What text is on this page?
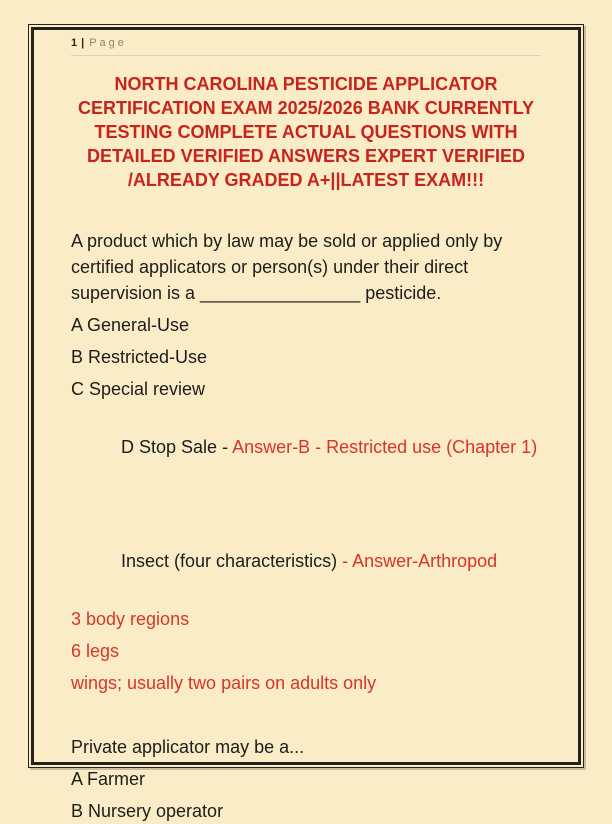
1 | Page
NORTH CAROLINA PESTICIDE APPLICATOR
CERTIFICATION EXAM 2025/2026 BANK CURRENTLY
TESTING COMPLETE ACTUAL QUESTIONS WITH
DETAILED VERIFIED ANSWERS EXPERT VERIFIED
/ALREADY GRADED A+||LATEST EXAM!!!
A product which by law may be sold or applied only by
certified applicators or person(s) under their direct
supervision is a ________________ pesticide.
A General-Use
B Restricted-Use
C Special review

D Stop Sale - Answer-B - Restricted use (Chapter 1)

Insect (four characteristics) - Answer-Arthropod

3 body regions
6 legs
wings; usually two pairs on adults only
Private applicator may be a...
A Farmer
B Nursery operator
